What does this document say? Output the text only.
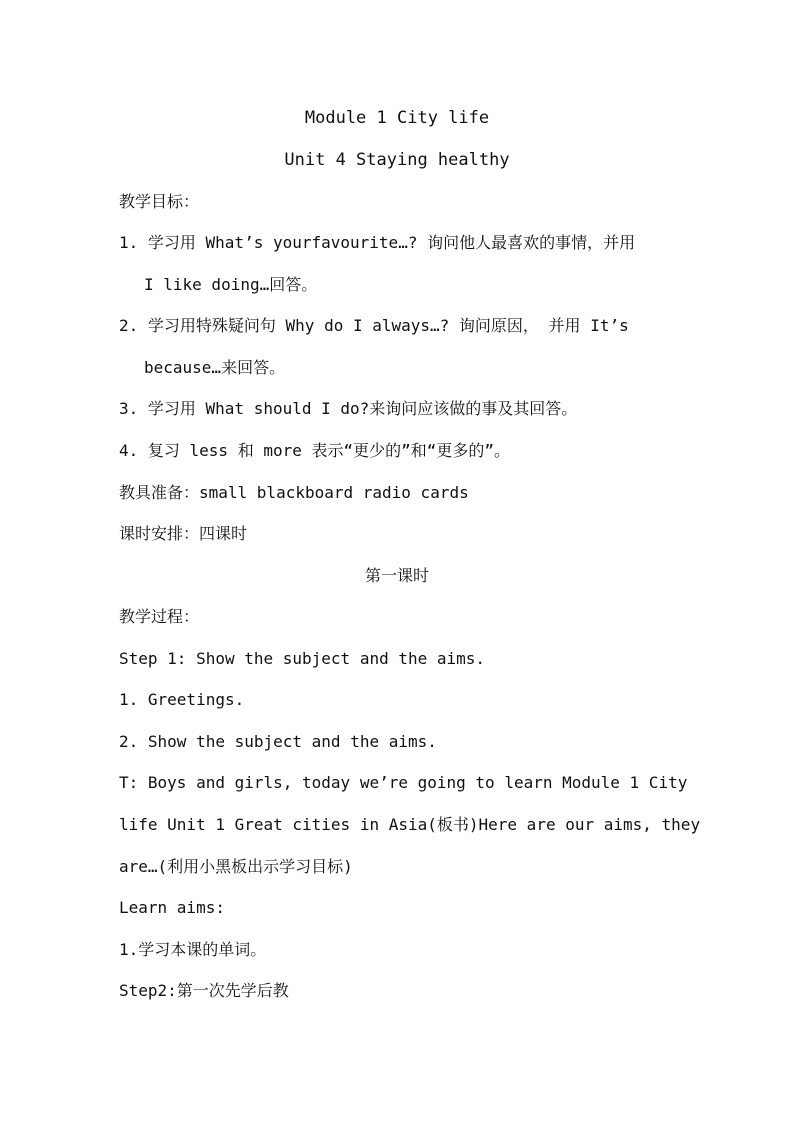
Module 1 City life
Unit 4 Staying healthy
教学目标：
1. 学习用 What’s yourfavourite…? 询问他人最喜欢的事情，并用
I like doing…回答。
2. 学习用特殊疑问句 Why do I always…? 询问原因， 并用 It’s
because…来回答。
3. 学习用 What should I do?来询问应该做的事及其回答。
4. 复习 less 和 more 表示“更少的”和“更多的”。
教具准备：small blackboard radio cards
课时安排：四课时
第一课时
教学过程：
Step 1: Show the subject and the aims.
1. Greetings.
2. Show the subject and the aims.
T: Boys and girls, today we’re going to learn Module 1 City
life Unit 1 Great cities in Asia(板书)Here are our aims, they
are…(利用小黑板出示学习目标)
Learn aims:
1.学习本课的单词。
Step2:第一次先学后教
